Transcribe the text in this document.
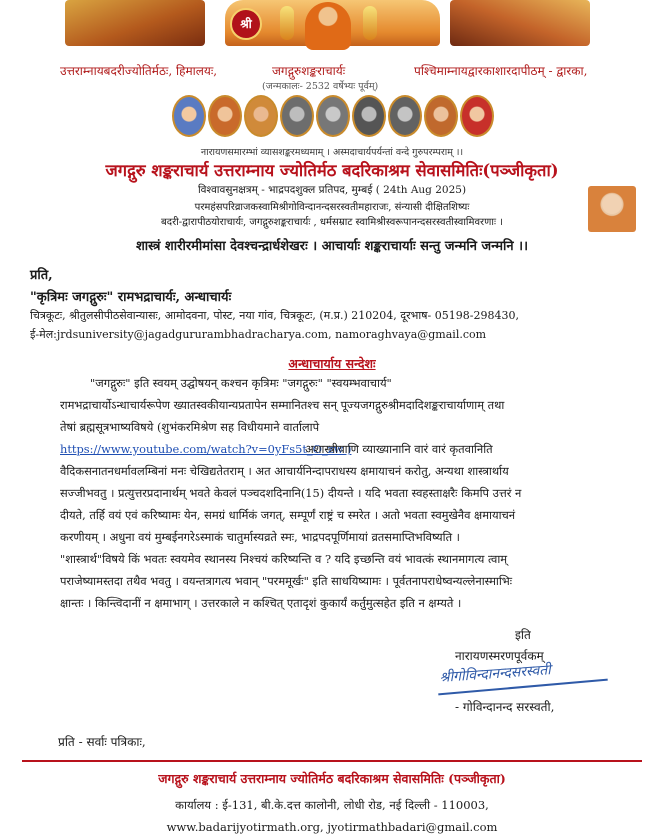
श्री
उत्तराम्नायबदरीज्योतिर्मठः, हिमालयः,	जगद्गुरुशङ्कराचार्यः
(जन्मकालः- 2532 वर्षेभ्यः पूर्वम्)
पश्चिमाम्नायद्वारकाशारदापीठम् - द्वारका,
नारायणसमारम्भां व्यासशङ्करमध्यमाम् । अस्मदाचार्यपर्यन्तां वन्दे गुरुपरम्पराम् ।।
जगद्गुरु शङ्कराचार्य उत्तराम्नाय ज्योतिर्मठ बदरिकाश्रम सेवासमितिः(पञ्जीकृता)
विश्वावसुनक्षत्रम् - भाद्रपदशुक्ल प्रतिपद, मुम्बई ( 24th Aug 2025)
परमहंसपरिव्राजकस्वामिश्रीगोविन्दानन्दसरस्वतीमहाराजः, संन्यासी दीक्षितशिष्यः
बदरी-द्वारापीठयोराचार्यः, जगद्गुरुशङ्कराचार्यः , धर्मसम्राट स्वामिश्रीस्वरूपानन्दसरस्वतीस्वामिवरणाः ।
शास्त्रं शारीरमीमांसा देवश्चन्द्रार्धशेखरः । आचार्याः शङ्कराचार्याः सन्तु जन्मनि जन्मनि ।।
प्रति,
"कृत्रिमः जगद्गुरुः" रामभद्राचार्यः, अन्धाचार्यः
चित्रकूटः, श्रीतुलसीपीठसेवान्यासः, आमोदवना, पोस्ट, नया गांव, चित्रकूटः, (म.प्र.) 210204, दूरभाष- 05198-298430,
ई-मेल:jrdsuniversity@jagadgururambhadracharya.com, namoraghvaya@gmail.com
अन्धाचार्याय सन्देशः
"जगद्गुरुः" इति स्वयम् उद्घोषयन् कश्चन कृत्रिमः "जगद्गुरुः" "स्वयम्भवाचार्य"
रामभद्राचार्योऽन्धाचार्यरूपेण ख्यातस्वकीयान्यप्रतापेन सम्मानितश्च सन् पूज्यजगद्गुरुश्रीमदादिशङ्कराचार्याणाम् तथा
तेषां ब्रह्मसूत्रभाष्यविषये (शुभंकरमिश्रेण सह विधीयमाने वार्तालापे
https://www.youtube.com/watch?v=0yFs5t_O_zw )
अशास्त्रीयाणि व्याख्यानानि वारं वारं कृतवानिति
वैदिकसनातनधर्मावलम्बिनां मनः चेखिद्यतेतराम् । अत आचार्यनिन्दापराधस्य क्षमायाचनं करोतु, अन्यथा शास्त्रार्थाय
सज्जीभवतु । प्रत्युत्तरप्रदानार्थम् भवते केवलं पञ्चदशदिनानि(15) दीयन्ते । यदि भवता स्वहस्ताक्षरैः किमपि उत्तरं न
दीयते, तर्हि वयं एवं करिष्यामः येन, समग्रं धार्मिकं जगत्, सम्पूर्णं राष्ट्रं च स्मरेत । अतो भवता स्वमुखेनैव क्षमायाचनं
करणीयम् । अधुना वयं मुम्बईनगरेऽस्माकं चातुर्मास्यव्रते स्मः, भाद्रपदपूर्णिमायां व्रतसमाप्तिभविष्यति ।
"शास्त्रार्थ"विषये किं भवतः स्वयमेव स्थानस्य निश्चयं करिष्यन्ति व ? यदि इच्छन्ति वयं भावत्कं स्थानमागत्य त्वाम्
पराजेष्यामस्तदा तथैव भवतु । वयन्तत्रागत्य भवान् "परममूर्खः" इति साधयिष्यामः । पूर्वतनापराधेष्वन्यल्लेनास्माभिः
क्षान्तः । किन्त्विदानीं न क्षमाभाग् । उत्तरकाले न कश्चित् एतादृशं कुकार्यं कर्तुमुत्सहेत इति न क्षम्यते ।
इति
नारायणस्मरणपूर्वकम्
श्रीगोविन्दानन्दसरस्वती
- गोविन्दानन्द सरस्वती,
प्रति - सर्वाः पत्रिकाः,
जगद्गुरु शङ्कराचार्य उत्तराम्नाय ज्योतिर्मठ बदरिकाश्रम सेवासमितिः (पञ्जीकृता)
कार्यालय : ई-131, बी.के.दत्त कालोनी, लोधी रोड, नई दिल्ली - 110003,
www.badarijyotirmath.org, jyotirmathbadari@gmail.com
